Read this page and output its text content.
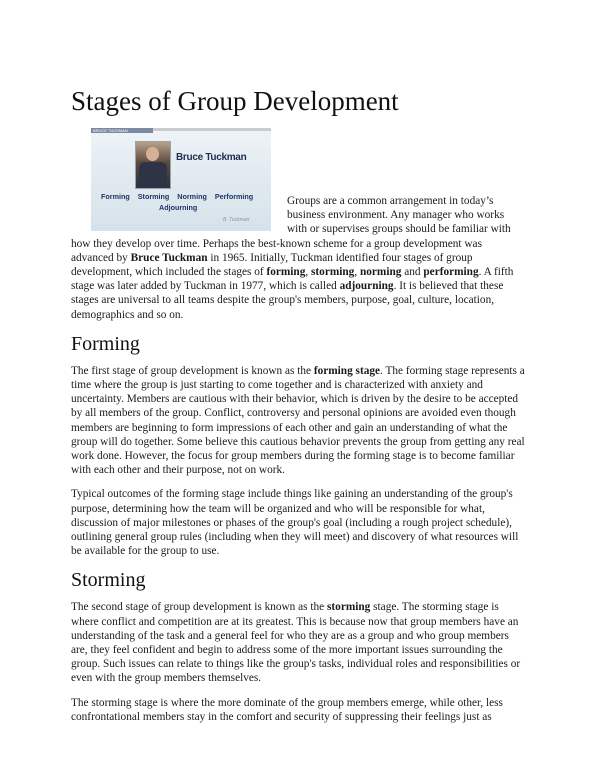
Stages of Group Development
BRUCE TUCKMAN
Bruce Tuckman
Forming Storming Norming Performing
Adjourning
B. Tuckman

Groups are a common arrangement in today’s business environment. Any manager who works with or supervises groups should be familiar with how they develop over time. Perhaps the best-known scheme for a group development was advanced by Bruce Tuckman in 1965. Initially, Tuckman identified four stages of group development, which included the stages of forming, storming, norming and performing. A fifth stage was later added by Tuckman in 1977, which is called adjourning. It is believed that these stages are universal to all teams despite the group's members, purpose, goal, culture, location, demographics and so on.

Forming

The first stage of group development is known as the forming stage. The forming stage represents a time where the group is just starting to come together and is characterized with anxiety and uncertainty. Members are cautious with their behavior, which is driven by the desire to be accepted by all members of the group. Conflict, controversy and personal opinions are avoided even though members are beginning to form impressions of each other and gain an understanding of what the group will do together. Some believe this cautious behavior prevents the group from getting any real work done. However, the focus for group members during the forming stage is to become familiar with each other and their purpose, not on work.

Typical outcomes of the forming stage include things like gaining an understanding of the group's purpose, determining how the team will be organized and who will be responsible for what, discussion of major milestones or phases of the group's goal (including a rough project schedule), outlining general group rules (including when they will meet) and discovery of what resources will be available for the group to use.

Storming

The second stage of group development is known as the storming stage. The storming stage is where conflict and competition are at its greatest. This is because now that group members have an understanding of the task and a general feel for who they are as a group and who group members are, they feel confident and begin to address some of the more important issues surrounding the group. Such issues can relate to things like the group's tasks, individual roles and responsibilities or even with the group members themselves.

The storming stage is where the more dominate of the group members emerge, while other, less confrontational members stay in the comfort and security of suppressing their feelings just as
